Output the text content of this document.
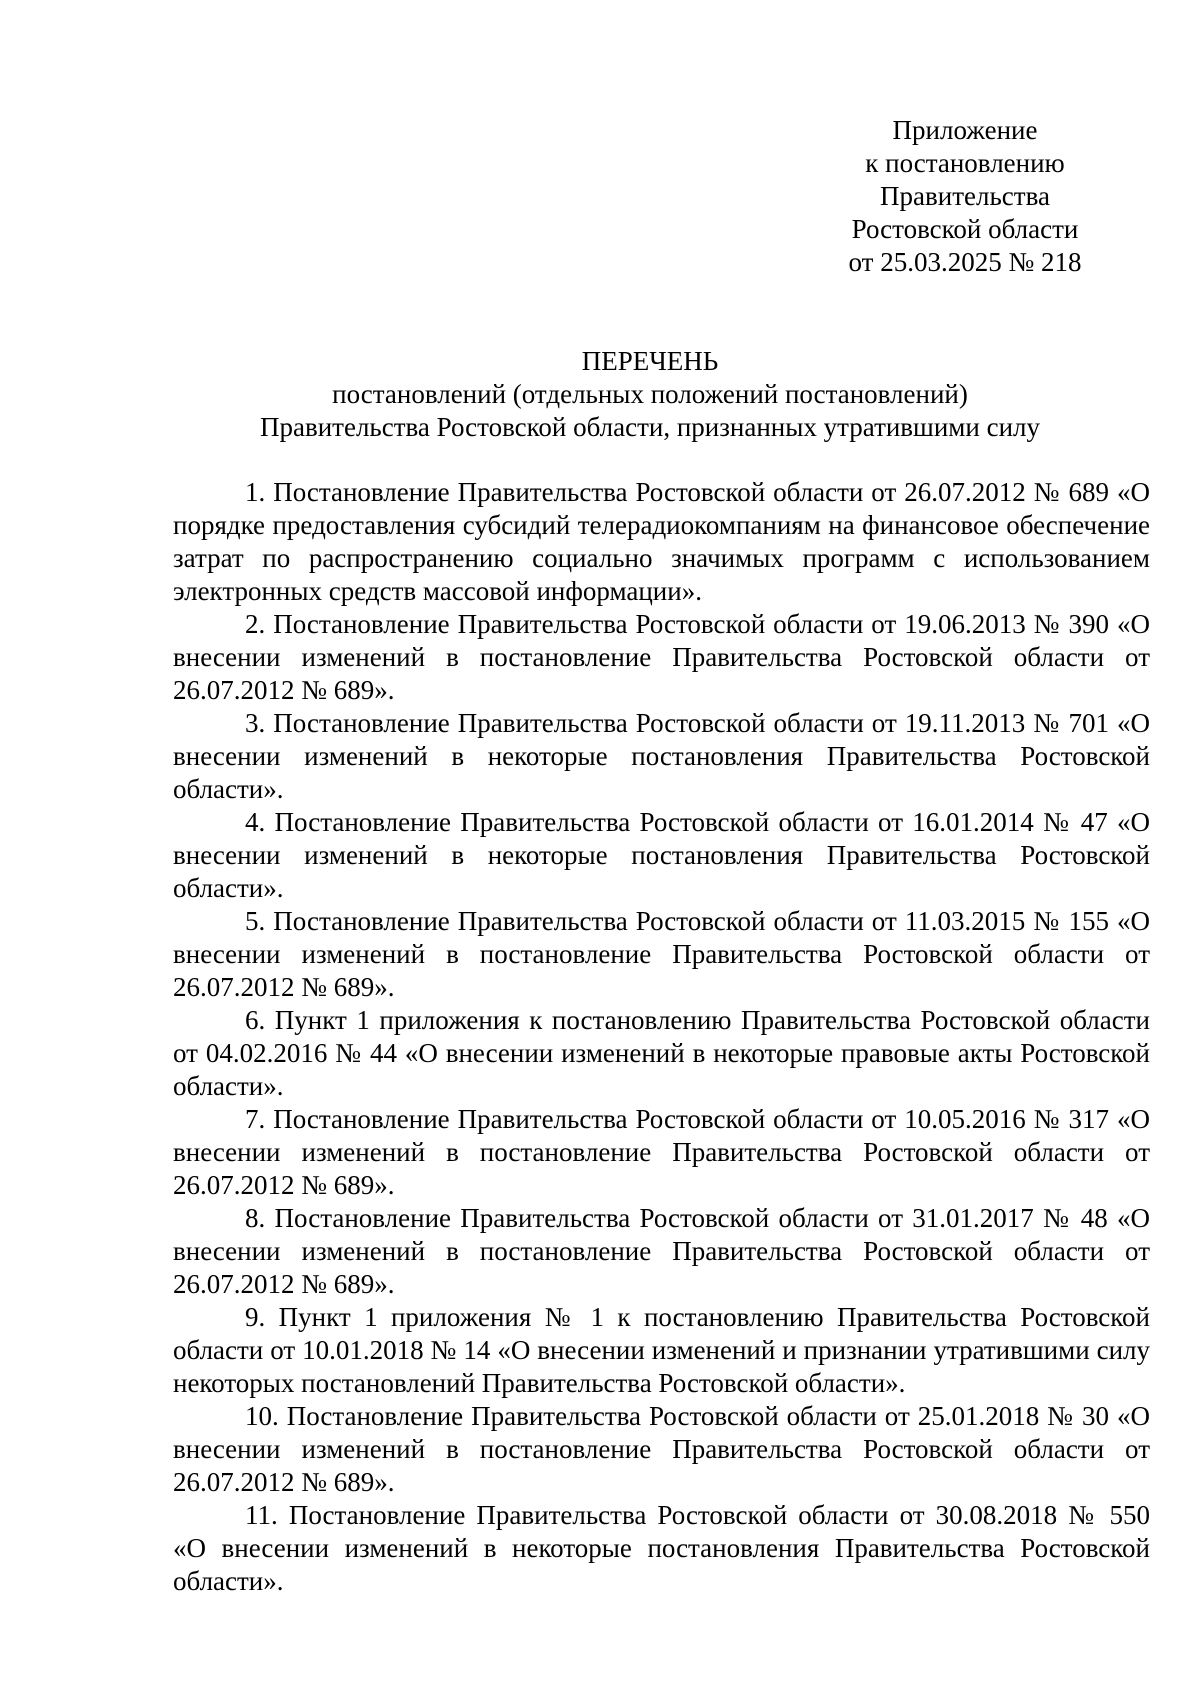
Приложение
к постановлению
Правительства
Ростовской области
от 25.03.2025 № 218
ПЕРЕЧЕНЬ
постановлений (отдельных положений постановлений)
Правительства Ростовской области, признанных утратившими силу

1. Постановление Правительства Ростовской области от 26.07.2012 № 689 «О порядке предоставления субсидий телерадиокомпаниям на финансовое обеспечение затрат по распространению социально значимых программ с использованием электронных средств массовой информации».

2. Постановление Правительства Ростовской области от 19.06.2013 № 390 «О внесении изменений в постановление Правительства Ростовской области от 26.07.2012 № 689».

3. Постановление Правительства Ростовской области от 19.11.2013 № 701 «О внесении изменений в некоторые постановления Правительства Ростовской области».

4. Постановление Правительства Ростовской области от 16.01.2014 № 47 «О внесении изменений в некоторые постановления Правительства Ростовской области».

5. Постановление Правительства Ростовской области от 11.03.2015 № 155 «О внесении изменений в постановление Правительства Ростовской области от 26.07.2012 № 689».

6. Пункт 1 приложения к постановлению Правительства Ростовской области от 04.02.2016 № 44 «О внесении изменений в некоторые правовые акты Ростовской области».

7. Постановление Правительства Ростовской области от 10.05.2016 № 317 «О внесении изменений в постановление Правительства Ростовской области от 26.07.2012 № 689».

8. Постановление Правительства Ростовской области от 31.01.2017 № 48 «О внесении изменений в постановление Правительства Ростовской области от 26.07.2012 № 689».

9. Пункт 1 приложения № 1 к постановлению Правительства Ростовской области от 10.01.2018 № 14 «О внесении изменений и признании утратившими силу некоторых постановлений Правительства Ростовской области».

10. Постановление Правительства Ростовской области от 25.01.2018 № 30 «О внесении изменений в постановление Правительства Ростовской области от 26.07.2012 № 689».

11. Постановление Правительства Ростовской области от 30.08.2018 № 550 «О внесении изменений в некоторые постановления Правительства Ростовской области».
